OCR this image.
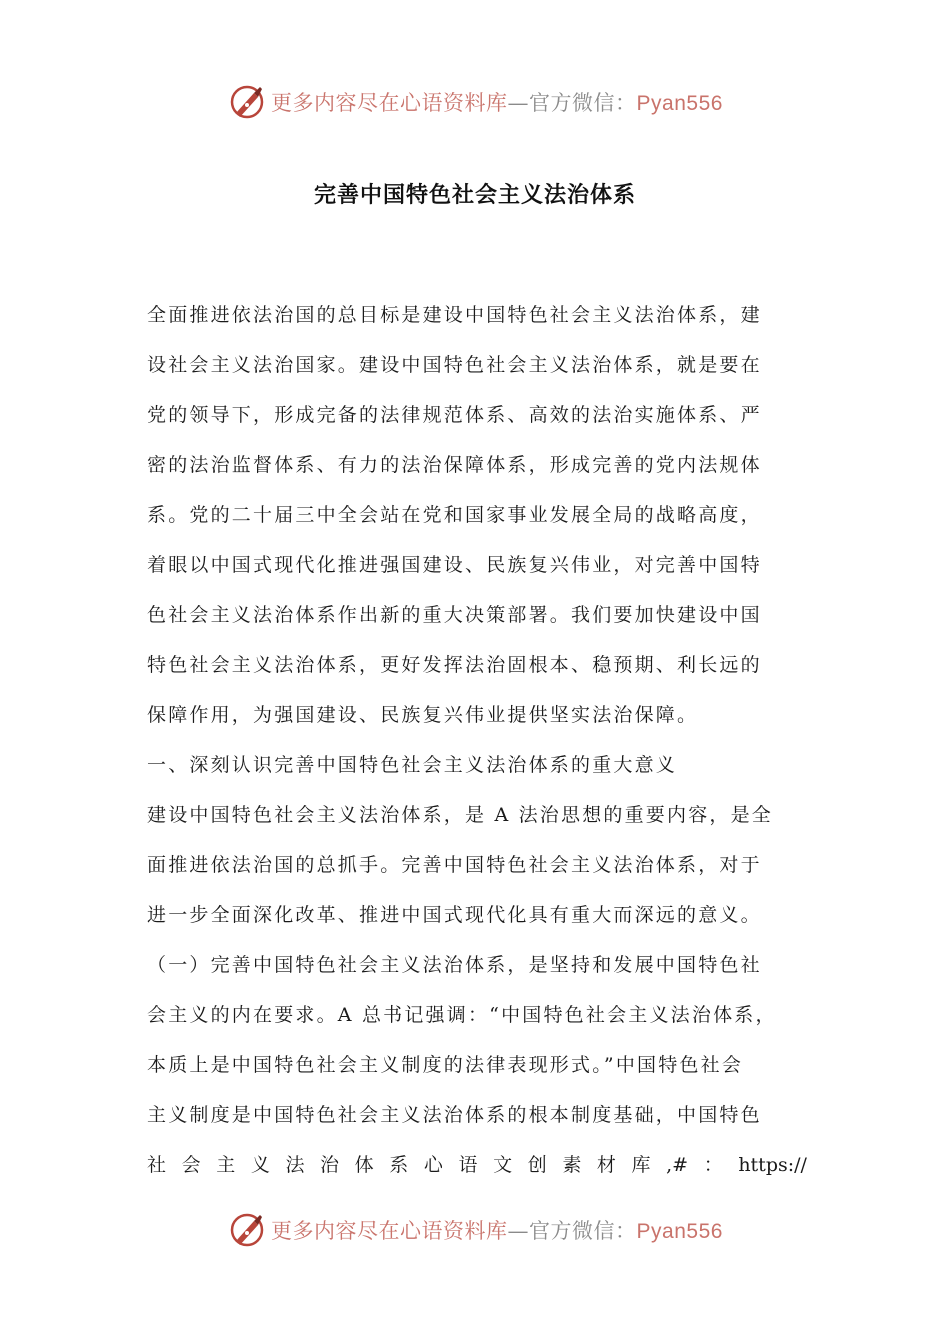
更多内容尽在心语资料库—官方微信：Pyan556
完善中国特色社会主义法治体系
全面推进依法治国的总目标是建设中国特色社会主义法治体系，建
设社会主义法治国家。建设中国特色社会主义法治体系，就是要在
党的领导下，形成完备的法律规范体系、高效的法治实施体系、严
密的法治监督体系、有力的法治保障体系，形成完善的党内法规体
系。党的二十届三中全会站在党和国家事业发展全局的战略高度，
着眼以中国式现代化推进强国建设、民族复兴伟业，对完善中国特
色社会主义法治体系作出新的重大决策部署。我们要加快建设中国
特色社会主义法治体系，更好发挥法治固根本、稳预期、利长远的
保障作用，为强国建设、民族复兴伟业提供坚实法治保障。
一、深刻认识完善中国特色社会主义法治体系的重大意义
建设中国特色社会主义法治体系，是 A 法治思想的重要内容，是全
面推进依法治国的总抓手。完善中国特色社会主义法治体系，对于
进一步全面深化改革、推进中国式现代化具有重大而深远的意义。
（一）完善中国特色社会主义法治体系，是坚持和发展中国特色社
会主义的内在要求。A 总书记强调：“中国特色社会主义法治体系，
本质上是中国特色社会主义制度的法律表现形式。”中国特色社会
主义制度是中国特色社会主义法治体系的根本制度基础，中国特色
社 会 主 义 法 治 体 系 心 语 文 创 素 材 库 ,# ： https://
更多内容尽在心语资料库—官方微信：Pyan556
